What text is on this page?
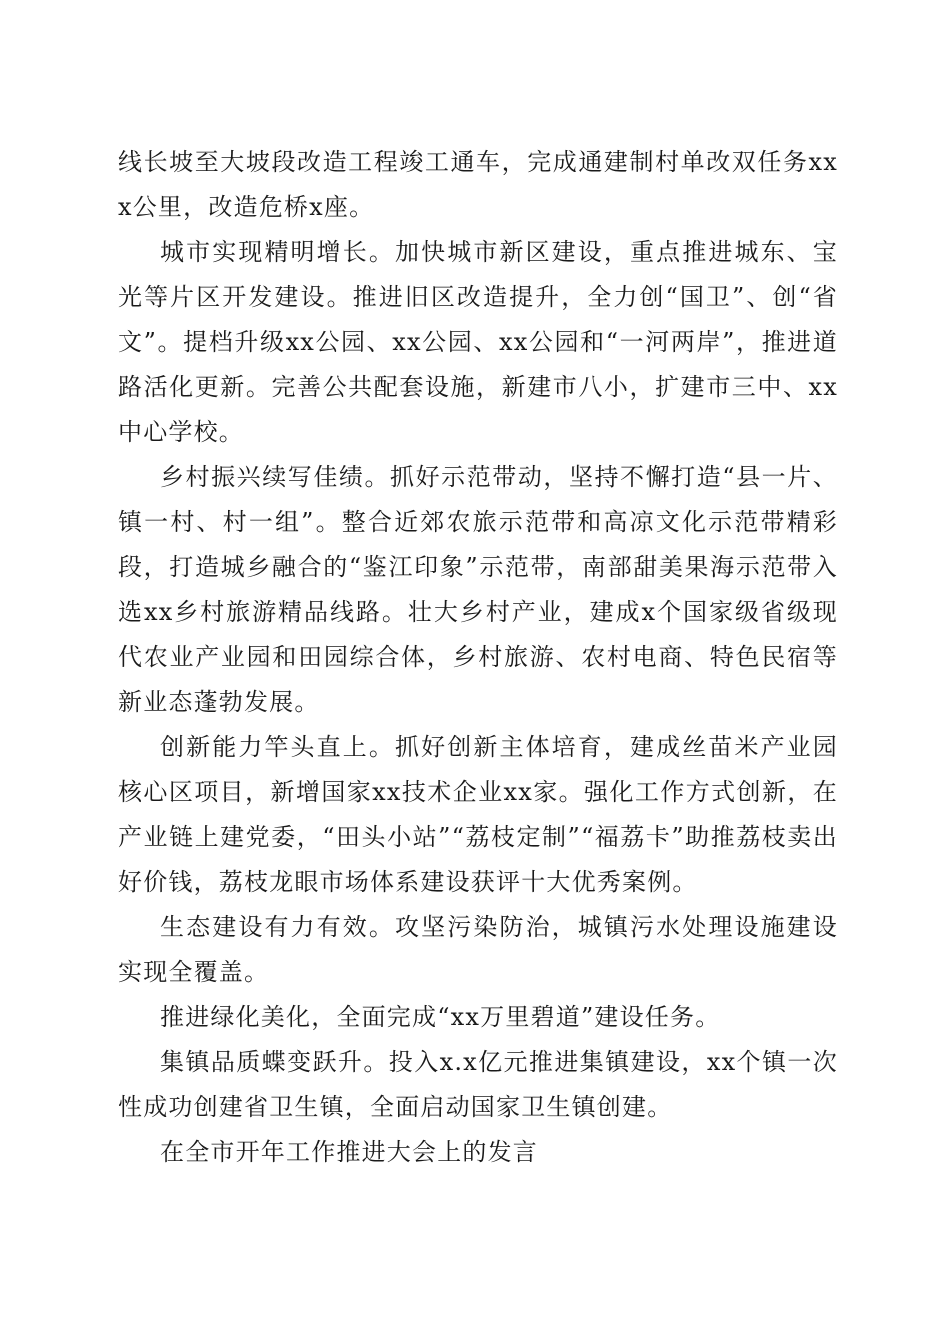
线长坡至大坡段改造工程竣工通车，完成通建制村单改双任务xxx公里，改造危桥x座。

城市实现精明增长。加快城市新区建设，重点推进城东、宝光等片区开发建设。推进旧区改造提升，全力创“国卫”、创“省文”。提档升级xx公园、xx公园、xx公园和“一河两岸”，推进道路活化更新。完善公共配套设施，新建市八小，扩建市三中、xx中心学校。

乡村振兴续写佳绩。抓好示范带动，坚持不懈打造“县一片、镇一村、村一组”。整合近郊农旅示范带和高凉文化示范带精彩段，打造城乡融合的“鉴江印象”示范带，南部甜美果海示范带入选xx乡村旅游精品线路。壮大乡村产业，建成x个国家级省级现代农业产业园和田园综合体，乡村旅游、农村电商、特色民宿等新业态蓬勃发展。

创新能力竿头直上。抓好创新主体培育，建成丝苗米产业园核心区项目，新增国家xx技术企业xx家。强化工作方式创新，在产业链上建党委，“田头小站”“荔枝定制”“福荔卡”助推荔枝卖出好价钱，荔枝龙眼市场体系建设获评十大优秀案例。

生态建设有力有效。攻坚污染防治，城镇污水处理设施建设实现全覆盖。

推进绿化美化，全面完成“xx万里碧道”建设任务。

集镇品质蝶变跃升。投入x.x亿元推进集镇建设，xx个镇一次性成功创建省卫生镇，全面启动国家卫生镇创建。

在全市开年工作推进大会上的发言
